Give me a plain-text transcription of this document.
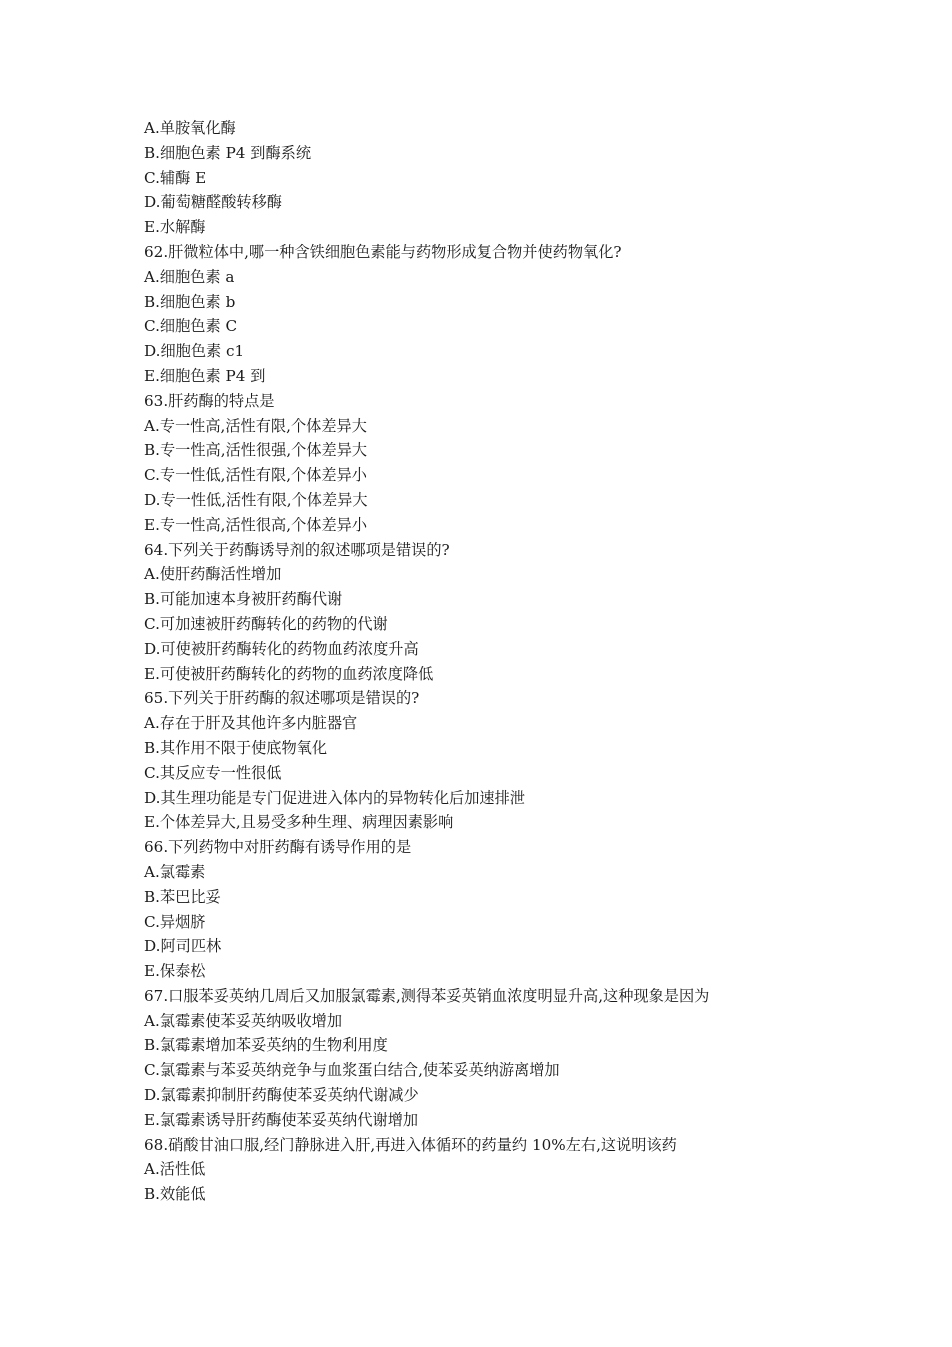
A.单胺氧化酶
B.细胞色素 P4 到酶系统
C.辅酶 E
D.葡萄糖醛酸转移酶
E.水解酶
62.肝微粒体中,哪一种含铁细胞色素能与药物形成复合物并使药物氧化?
A.细胞色素 a
B.细胞色素 b
C.细胞色素 C
D.细胞色素 c1
E.细胞色素 P4 到
63.肝药酶的特点是
A.专一性高,活性有限,个体差异大
B.专一性高,活性很强,个体差异大
C.专一性低,活性有限,个体差异小
D.专一性低,活性有限,个体差异大
E.专一性高,活性很高,个体差异小
64.下列关于药酶诱导剂的叙述哪项是错误的?
A.使肝药酶活性增加
B.可能加速本身被肝药酶代谢
C.可加速被肝药酶转化的药物的代谢
D.可使被肝药酶转化的药物血药浓度升高
E.可使被肝药酶转化的药物的血药浓度降低
65.下列关于肝药酶的叙述哪项是错误的?
A.存在于肝及其他许多内脏器官
B.其作用不限于使底物氧化
C.其反应专一性很低
D.其生理功能是专门促进进入体内的异物转化后加速排泄
E.个体差异大,且易受多种生理、病理因素影响
66.下列药物中对肝药酶有诱导作用的是
A.氯霉素
B.苯巴比妥
C.异烟脐
D.阿司匹林
E.保泰松
67.口服苯妥英纳几周后又加服氯霉素,测得苯妥英销血浓度明显升高,这种现象是因为
A.氯霉素使苯妥英纳吸收增加
B.氯霉素增加苯妥英纳的生物利用度
C.氯霉素与苯妥英纳竞争与血浆蛋白结合,使苯妥英纳游离增加
D.氯霉素抑制肝药酶使苯妥英纳代谢减少
E.氯霉素诱导肝药酶使苯妥英纳代谢增加
68.硝酸甘油口服,经门静脉进入肝,再进入体循环的药量约 10%左右,这说明该药
A.活性低
B.效能低
